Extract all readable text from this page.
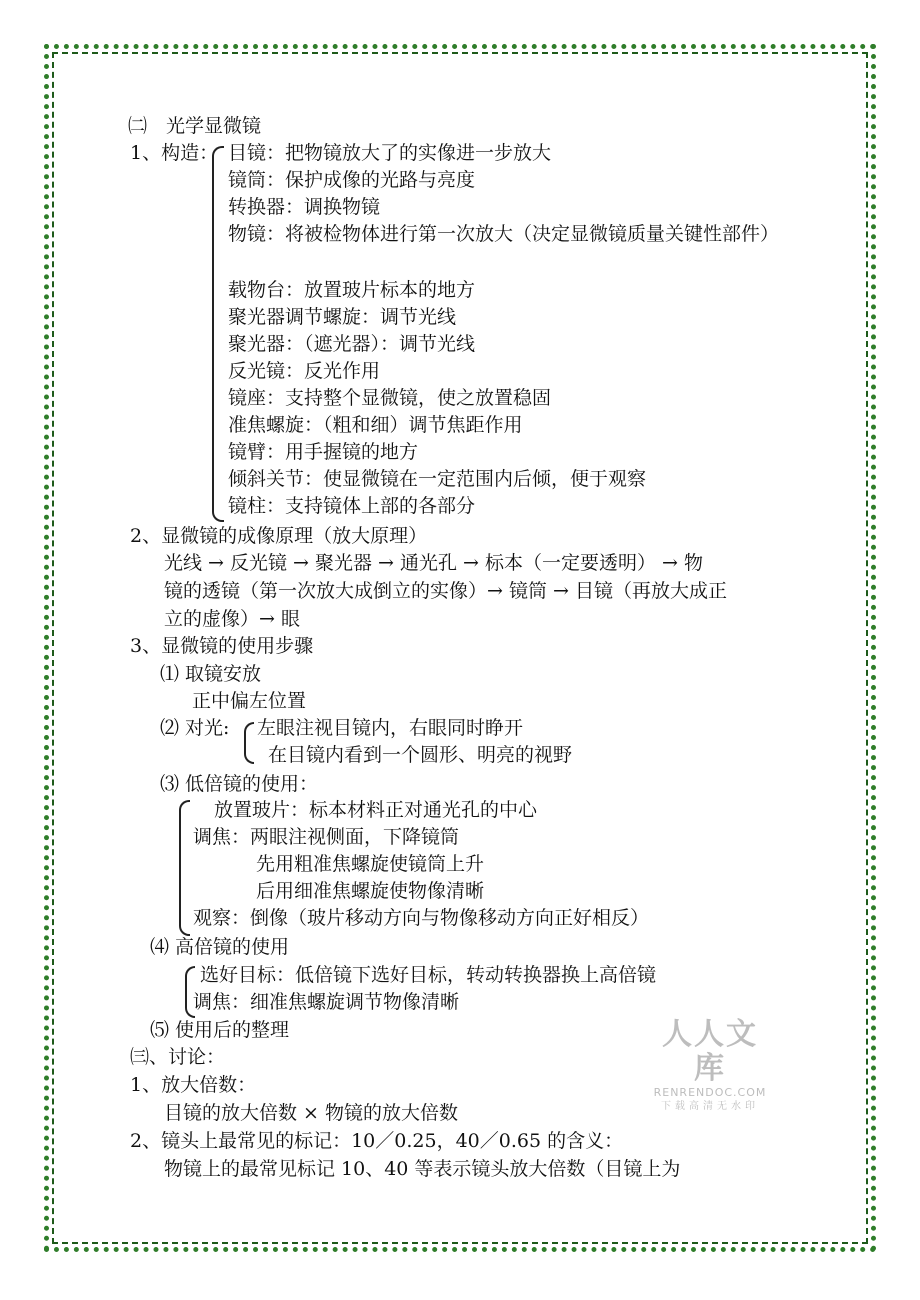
㈡　光学显微镜
1、构造： 目镜：把物镜放大了的实像进一步放大
镜筒：保护成像的光路与亮度
转换器：调换物镜
物镜：将被检物体进行第一次放大（决定显微镜质量关键性部件）
载物台：放置玻片标本的地方
聚光器调节螺旋：调节光线
聚光器：（遮光器）：调节光线
反光镜：反光作用
镜座：支持整个显微镜，使之放置稳固
准焦螺旋：（粗和细）调节焦距作用
镜臂：用手握镜的地方
倾斜关节：使显微镜在一定范围内后倾，便于观察
镜柱：支持镜体上部的各部分
2、显微镜的成像原理（放大原理）
光线 → 反光镜 → 聚光器 → 通光孔 → 标本（一定要透明） → 物
镜的透镜（第一次放大成倒立的实像）→ 镜筒 → 目镜（再放大成正
立的虚像）→ 眼
3、显微镜的使用步骤
⑴ 取镜安放
正中偏左位置
⑵ 对光: 左眼注视目镜内，右眼同时睁开
在目镜内看到一个圆形、明亮的视野
⑶ 低倍镜的使用：
放置玻片：标本材料正对通光孔的中心
调焦：两眼注视侧面，下降镜筒
先用粗准焦螺旋使镜筒上升
后用细准焦螺旋使物像清晰
观察：倒像（玻片移动方向与物像移动方向正好相反）
⑷ 高倍镜的使用
选好目标：低倍镜下选好目标，转动转换器换上高倍镜
调焦：细准焦螺旋调节物像清晰
⑸ 使用后的整理
㈢、讨论：
1、放大倍数：
目镜的放大倍数 × 物镜的放大倍数
2、镜头上最常见的标记：10／0.25，40／0.65 的含义：
物镜上的最常见标记 10、40 等表示镜头放大倍数（目镜上为
人人文库
RENRENDOC.COM
下载高清无水印
